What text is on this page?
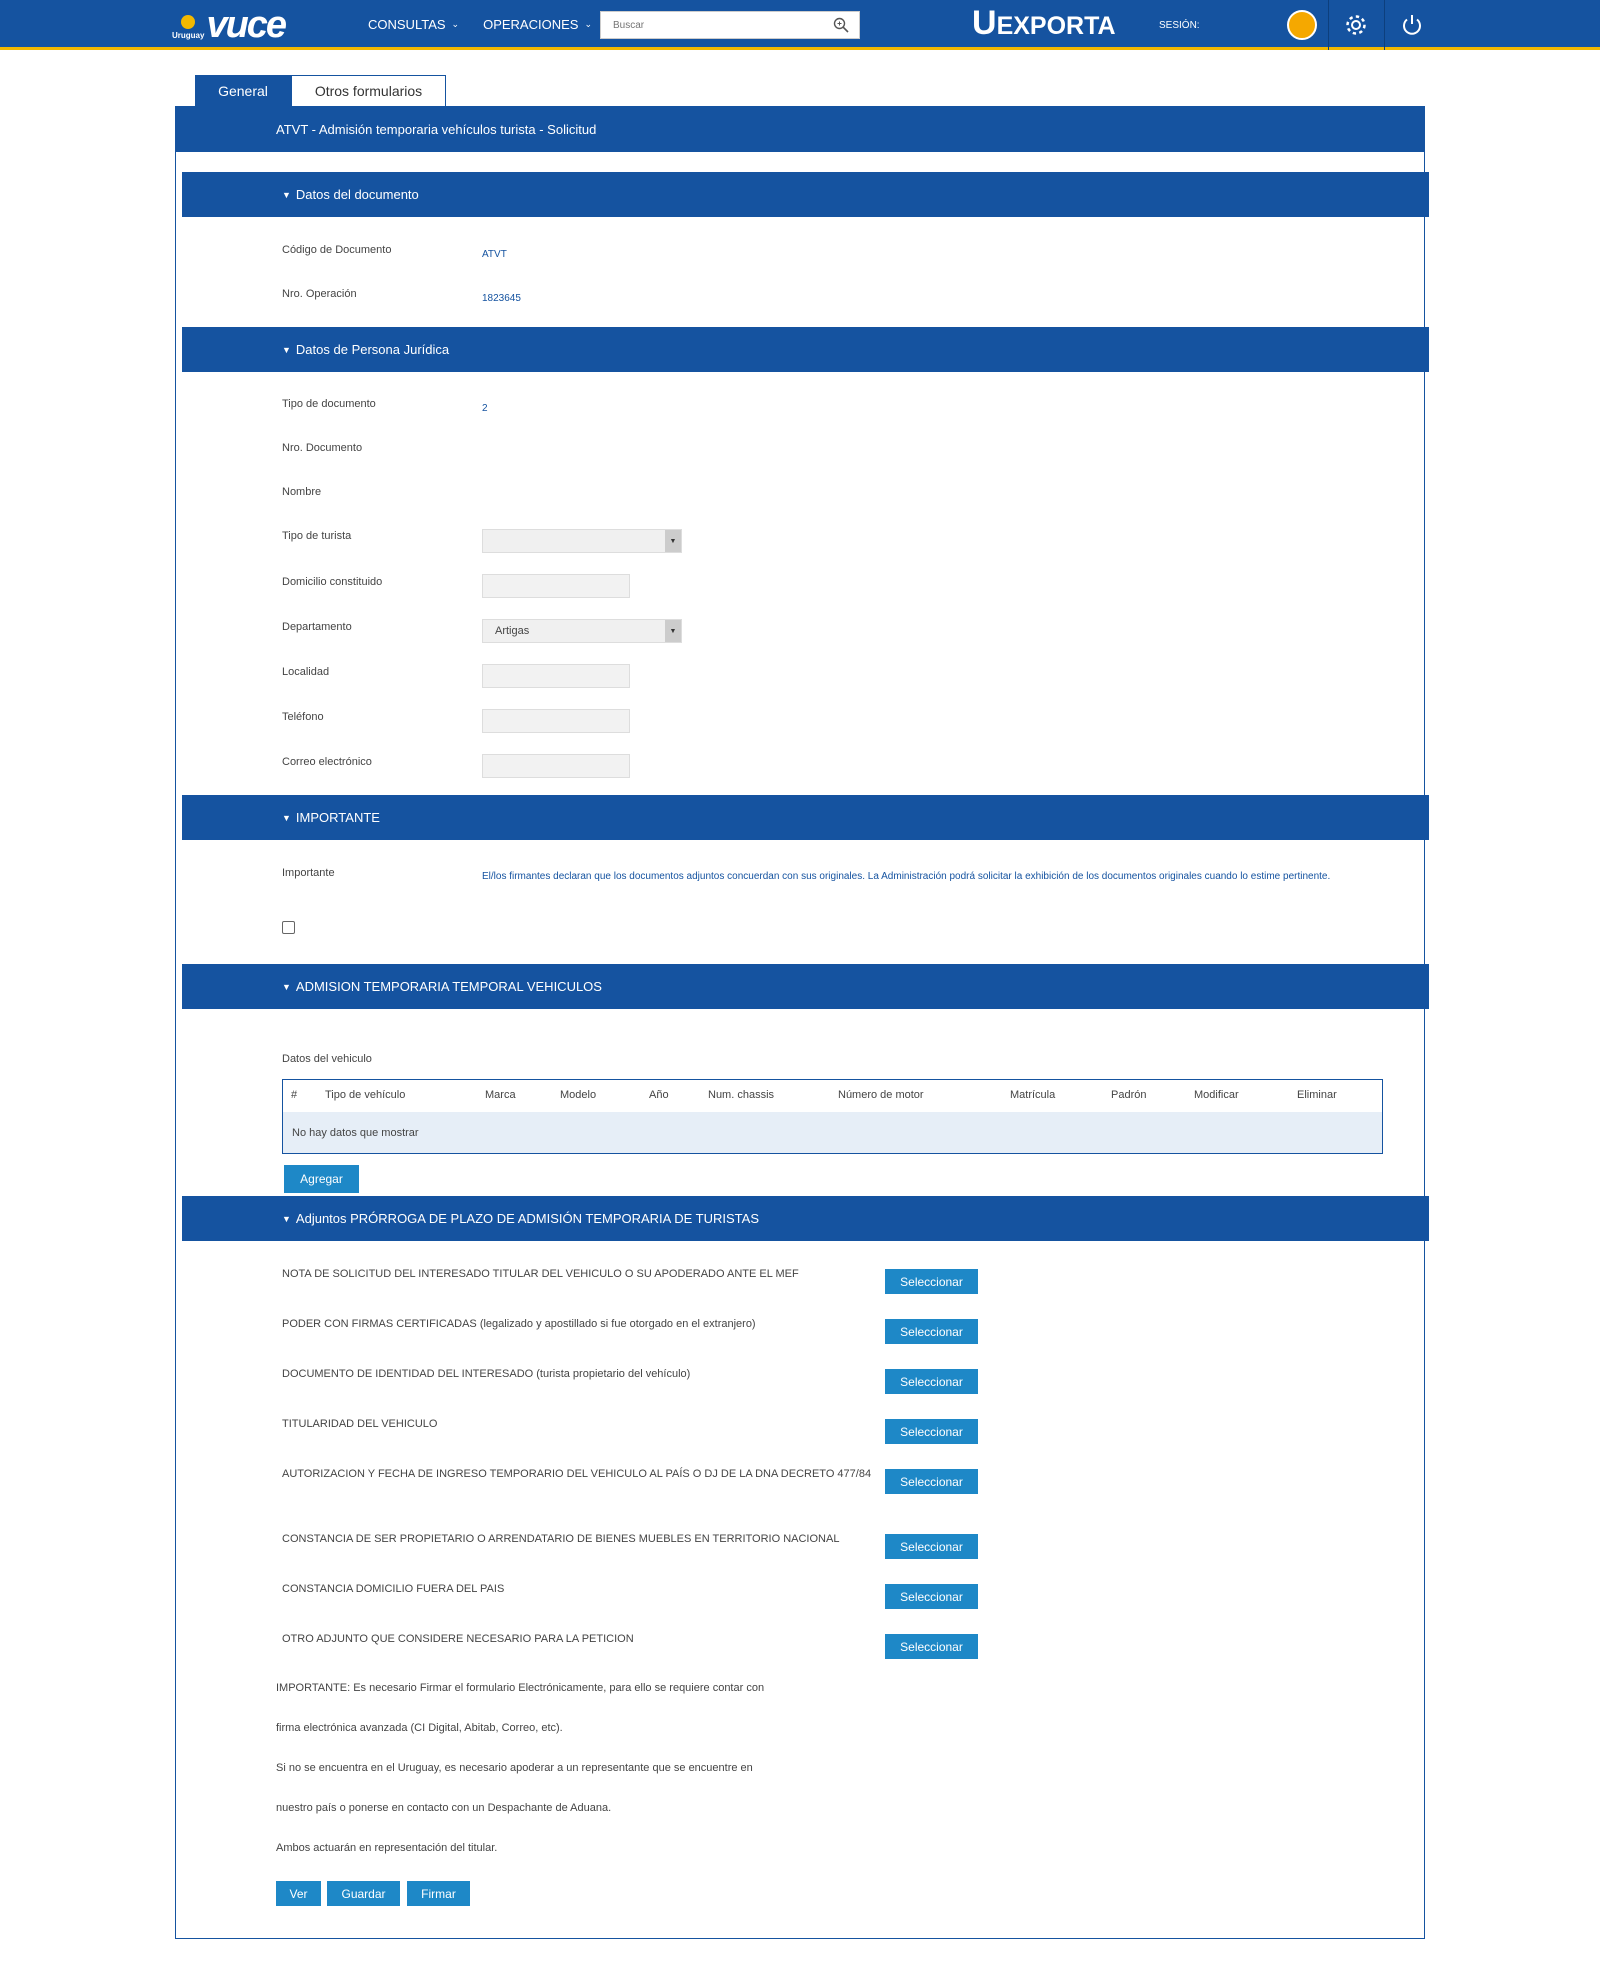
Uruguay vuce	CONSULTAS ⌄ OPERACIONES ⌄
Buscar	UEXPORTA	SESIÓN:
General	Otros formularios
ATVT - Admisión temporaria vehículos turista - Solicitud
▼ Datos del documento
Código de Documento	ATVT
Nro. Operación	1823645
▼ Datos de Persona Jurídica
Tipo de documento	2
Nro. Documento
Nombre
Tipo de turista	▼
Domicilio constituido
Departamento	Artigas	▼
Localidad
Teléfono
Correo electrónico
▼ IMPORTANTE
Importante	El/los firmantes declaran que los documentos adjuntos concuerdan con sus originales. La Administración podrá solicitar la exhibición de los documentos originales cuando lo estime pertinente.
▼ ADMISION TEMPORARIA TEMPORAL VEHICULOS
Datos del vehiculo
#	Tipo de vehículo	Marca	Modelo	Año	Num. chassis	Número de motor	Matrícula	Padrón	Modificar	Eliminar
No hay datos que mostrar
Agregar
▼ Adjuntos PRÓRROGA DE PLAZO DE ADMISIÓN TEMPORARIA DE TURISTAS
NOTA DE SOLICITUD DEL INTERESADO TITULAR DEL VEHICULO O SU APODERADO ANTE EL MEF
Seleccionar
PODER CON FIRMAS CERTIFICADAS (legalizado y apostillado si fue otorgado en el extranjero)
Seleccionar
DOCUMENTO DE IDENTIDAD DEL INTERESADO (turista propietario del vehículo)
Seleccionar
TITULARIDAD DEL VEHICULO
Seleccionar
AUTORIZACION Y FECHA DE INGRESO TEMPORARIO DEL VEHICULO AL PAÍS O DJ DE LA DNA DECRETO 477/84
Seleccionar
CONSTANCIA DE SER PROPIETARIO O ARRENDATARIO DE BIENES MUEBLES EN TERRITORIO NACIONAL
Seleccionar
CONSTANCIA DOMICILIO FUERA DEL PAIS
Seleccionar
OTRO ADJUNTO QUE CONSIDERE NECESARIO PARA LA PETICION
Seleccionar
IMPORTANTE: Es necesario Firmar el formulario Electrónicamente, para ello se requiere contar con
firma electrónica avanzada (CI Digital, Abitab, Correo, etc).
Si no se encuentra en el Uruguay, es necesario apoderar a un representante que se encuentre en
nuestro país o ponerse en contacto con un Despachante de Aduana.
Ambos actuarán en representación del titular.
Ver	Guardar	Firmar
